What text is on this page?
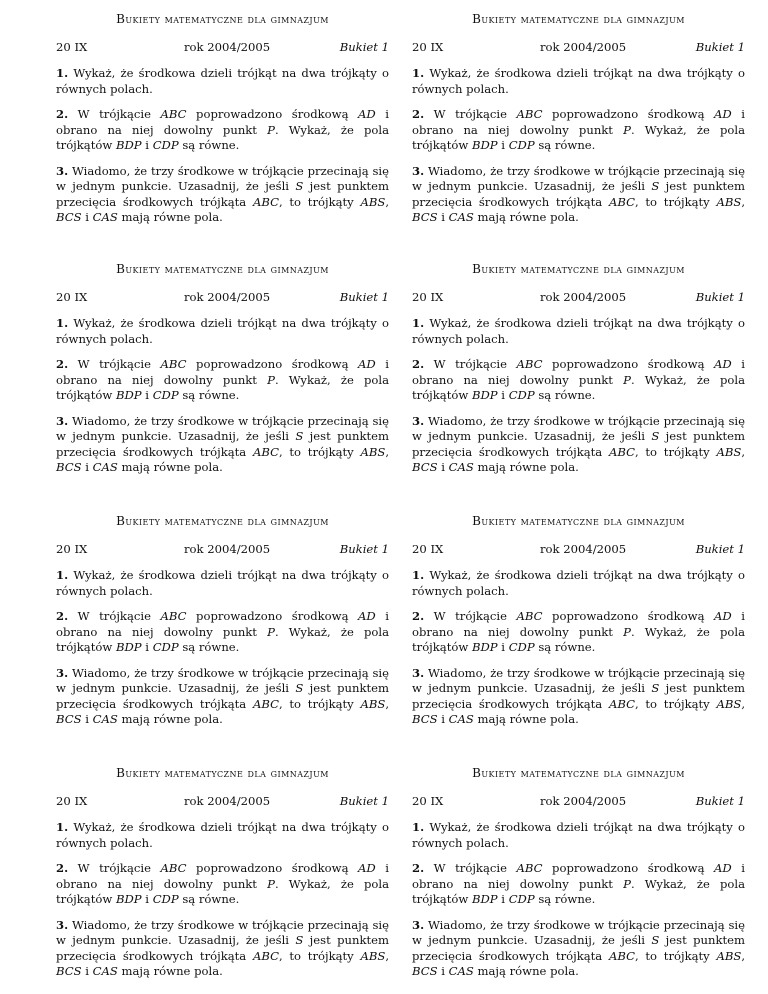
Bukiety matematyczne dla gimnazjum
20 IX	rok 2004/2005	Bukiet 1
1. Wykaż, że środkowa dzieli trójkąt na dwa trójkąty o równych polach.
2. W trójkącie ABC poprowadzono środkową AD i obrano na niej dowolny punkt P. Wykaż, że pola trójkątów BDP i CDP są równe.
3. Wiadomo, że trzy środkowe w trójkącie przecinają się w jednym punkcie. Uzasadnij, że jeśli S jest punktem przecięcia środkowych trójkąta ABC, to trójkąty ABS, BCS i CAS mają równe pola.
Bukiety matematyczne dla gimnazjum
20 IX	rok 2004/2005	Bukiet 1
1. Wykaż, że środkowa dzieli trójkąt na dwa trójkąty o równych polach.
2. W trójkącie ABC poprowadzono środkową AD i obrano na niej dowolny punkt P. Wykaż, że pola trójkątów BDP i CDP są równe.
3. Wiadomo, że trzy środkowe w trójkącie przecinają się w jednym punkcie. Uzasadnij, że jeśli S jest punktem przecięcia środkowych trójkąta ABC, to trójkąty ABS, BCS i CAS mają równe pola.
Bukiety matematyczne dla gimnazjum
20 IX	rok 2004/2005	Bukiet 1
1. Wykaż, że środkowa dzieli trójkąt na dwa trójkąty o równych polach.
2. W trójkącie ABC poprowadzono środkową AD i obrano na niej dowolny punkt P. Wykaż, że pola trójkątów BDP i CDP są równe.
3. Wiadomo, że trzy środkowe w trójkącie przecinają się w jednym punkcie. Uzasadnij, że jeśli S jest punktem przecięcia środkowych trójkąta ABC, to trójkąty ABS, BCS i CAS mają równe pola.
Bukiety matematyczne dla gimnazjum
20 IX	rok 2004/2005	Bukiet 1
1. Wykaż, że środkowa dzieli trójkąt na dwa trójkąty o równych polach.
2. W trójkącie ABC poprowadzono środkową AD i obrano na niej dowolny punkt P. Wykaż, że pola trójkątów BDP i CDP są równe.
3. Wiadomo, że trzy środkowe w trójkącie przecinają się w jednym punkcie. Uzasadnij, że jeśli S jest punktem przecięcia środkowych trójkąta ABC, to trójkąty ABS, BCS i CAS mają równe pola.
Bukiety matematyczne dla gimnazjum
20 IX	rok 2004/2005	Bukiet 1
1. Wykaż, że środkowa dzieli trójkąt na dwa trójkąty o równych polach.
2. W trójkącie ABC poprowadzono środkową AD i obrano na niej dowolny punkt P. Wykaż, że pola trójkątów BDP i CDP są równe.
3. Wiadomo, że trzy środkowe w trójkącie przecinają się w jednym punkcie. Uzasadnij, że jeśli S jest punktem przecięcia środkowych trójkąta ABC, to trójkąty ABS, BCS i CAS mają równe pola.
Bukiety matematyczne dla gimnazjum
20 IX	rok 2004/2005	Bukiet 1
1. Wykaż, że środkowa dzieli trójkąt na dwa trójkąty o równych polach.
2. W trójkącie ABC poprowadzono środkową AD i obrano na niej dowolny punkt P. Wykaż, że pola trójkątów BDP i CDP są równe.
3. Wiadomo, że trzy środkowe w trójkącie przecinają się w jednym punkcie. Uzasadnij, że jeśli S jest punktem przecięcia środkowych trójkąta ABC, to trójkąty ABS, BCS i CAS mają równe pola.
Bukiety matematyczne dla gimnazjum
20 IX	rok 2004/2005	Bukiet 1
1. Wykaż, że środkowa dzieli trójkąt na dwa trójkąty o równych polach.
2. W trójkącie ABC poprowadzono środkową AD i obrano na niej dowolny punkt P. Wykaż, że pola trójkątów BDP i CDP są równe.
3. Wiadomo, że trzy środkowe w trójkącie przecinają się w jednym punkcie. Uzasadnij, że jeśli S jest punktem przecięcia środkowych trójkąta ABC, to trójkąty ABS, BCS i CAS mają równe pola.
Bukiety matematyczne dla gimnazjum
20 IX	rok 2004/2005	Bukiet 1
1. Wykaż, że środkowa dzieli trójkąt na dwa trójkąty o równych polach.
2. W trójkącie ABC poprowadzono środkową AD i obrano na niej dowolny punkt P. Wykaż, że pola trójkątów BDP i CDP są równe.
3. Wiadomo, że trzy środkowe w trójkącie przecinają się w jednym punkcie. Uzasadnij, że jeśli S jest punktem przecięcia środkowych trójkąta ABC, to trójkąty ABS, BCS i CAS mają równe pola.
